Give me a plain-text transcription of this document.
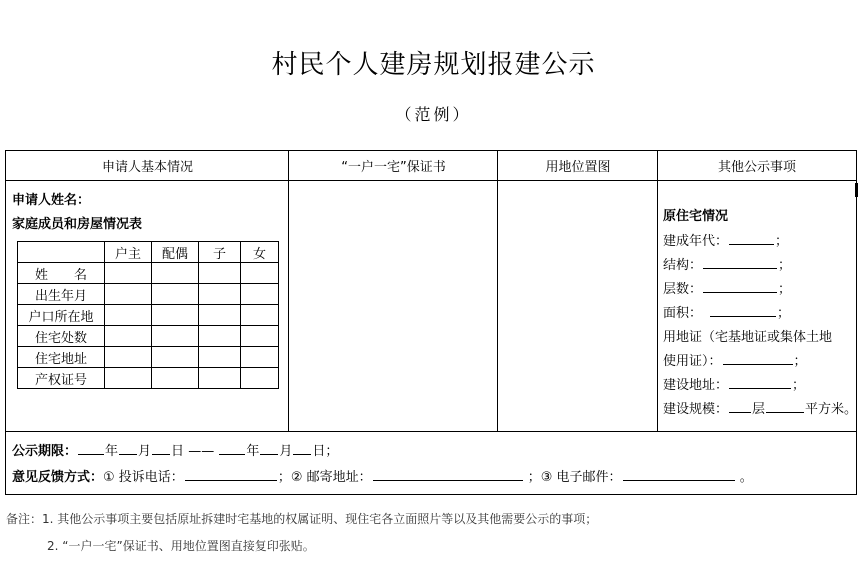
村民个人建房规划报建公示
（范例）
申请人基本情况	“一户一宅”保证书	用地位置图	其他公示事项
申请人姓名：
家庭成员和房屋情况表
	户主	配偶	子	女
姓　　名				
出生年月				
户口所在地				
住宅处数				
住宅地址				
产权证号				
原住宅情况
建成年代：	；
结构：	；
层数：	；
面积：	；
用地证（宅基地证或集体土地
使用证）：	；
建设地址：	；
建设规模： 层	平方米。
公示期限： 年 月 日 —— 年 月 日；
意见反馈方式：① 投诉电话：	；② 邮寄地址：	；③ 电子邮件：	。
备注：1. 其他公示事项主要包括原址拆建时宅基地的权属证明、现住宅各立面照片等以及其他需要公示的事项；
2. “一户一宅”保证书、用地位置图直接复印张贴。
